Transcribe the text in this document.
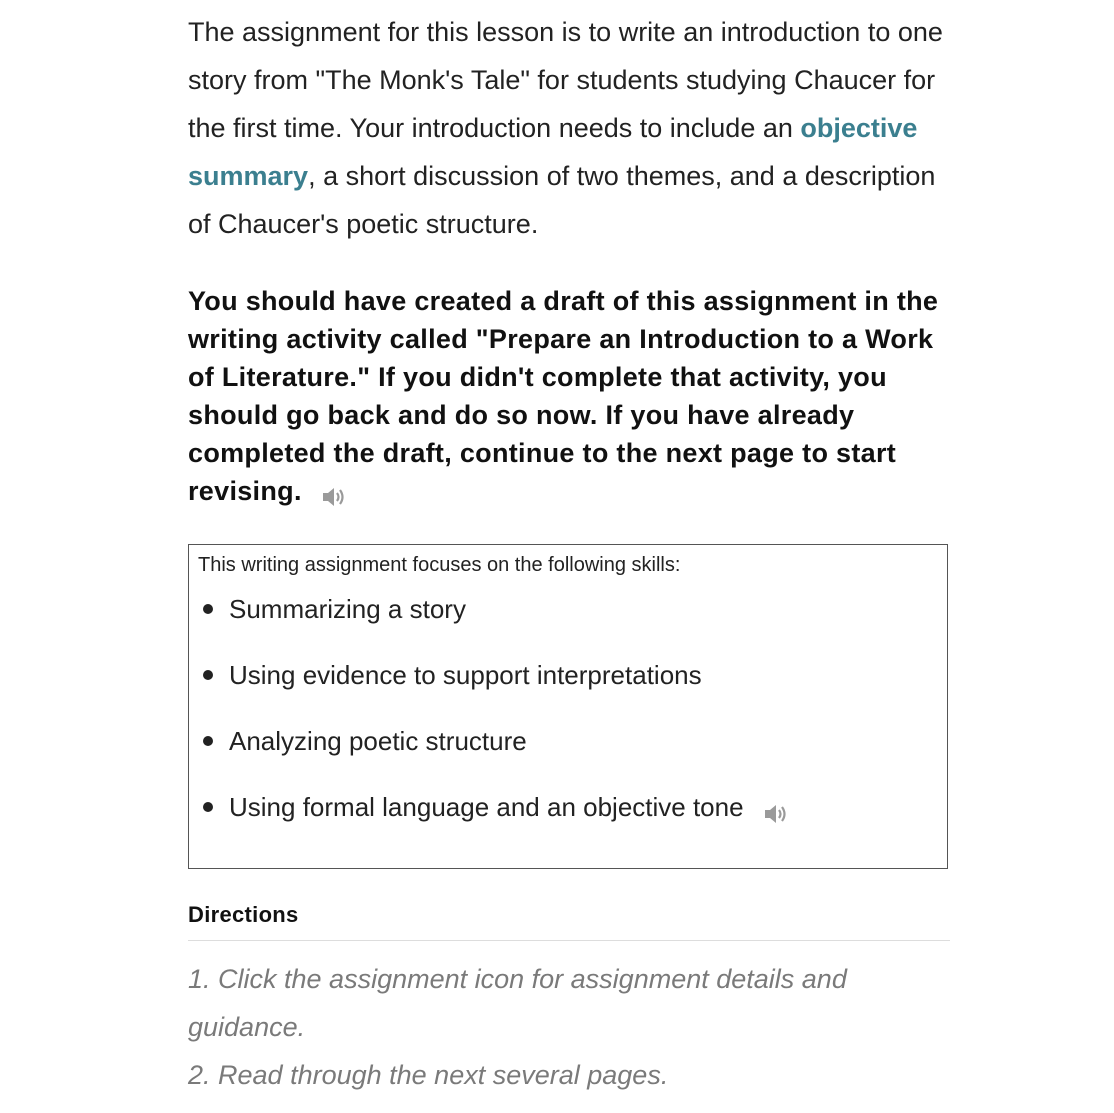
The assignment for this lesson is to write an introduction to one story from "The Monk's Tale" for students studying Chaucer for the first time. Your introduction needs to include an objective summary, a short discussion of two themes, and a description of Chaucer's poetic structure.

You should have created a draft of this assignment in the writing activity called "Prepare an Introduction to a Work of Literature." If you didn't complete that activity, you should go back and do so now. If you have already completed the draft, continue to the next page to start revising.

This writing assignment focuses on the following skills:

Summarizing a story
Using evidence to support interpretations
Analyzing poetic structure
Using formal language and an objective tone
Directions
1. Click the assignment icon for assignment details and guidance.
2. Read through the next several pages.
